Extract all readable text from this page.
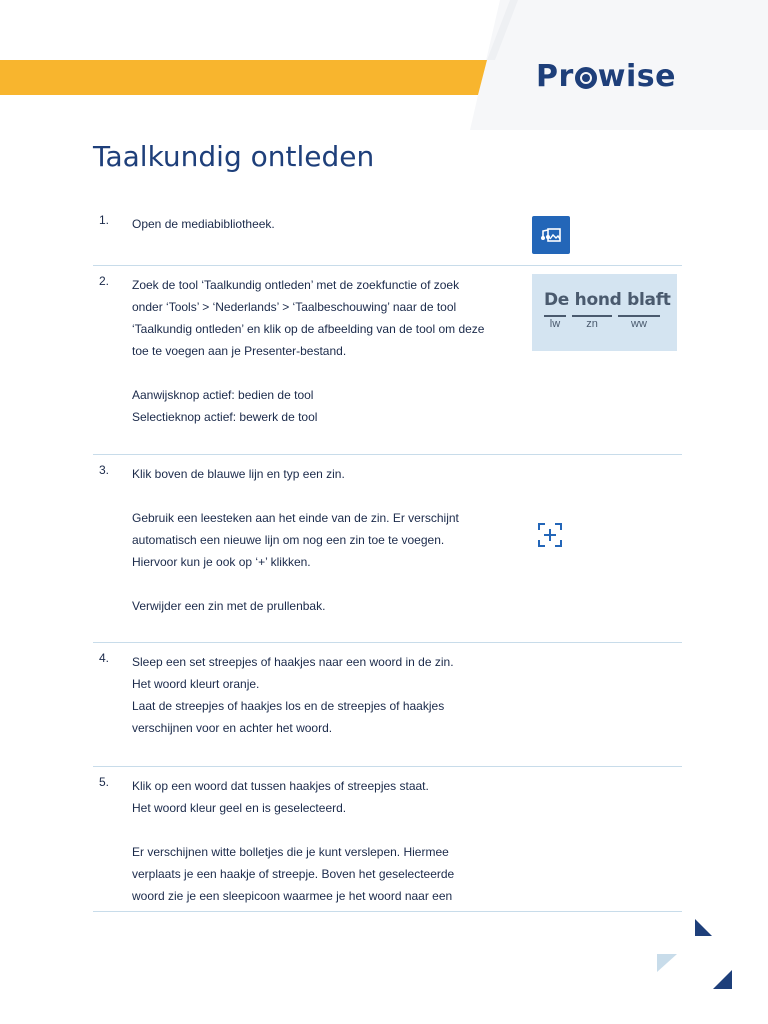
Pr wise
Taalkundig ontleden
1. Open de mediabibliotheek.

2. Zoek de tool ‘Taalkundig ontleden’ met de zoekfunctie of zoek

onder ‘Tools’ > ‘Nederlands’ > ‘Taalbeschouwing’ naar de tool

‘Taalkundig ontleden’ en klik op de afbeelding van de tool om deze

toe te voegen aan je Presenter-bestand.

Aanwijsknop actief: bedien de tool

Selectieknop actief: bewerk de tool

De hond blaft
lw	zn	ww
3. Klik boven de blauwe lijn en typ een zin.

Gebruik een leesteken aan het einde van de zin. Er verschijnt

automatisch een nieuwe lijn om nog een zin toe te voegen.

Hiervoor kun je ook op ‘+’ klikken.

Verwijder een zin met de prullenbak.

4. Sleep een set streepjes of haakjes naar een woord in de zin.

Het woord kleurt oranje.

Laat de streepjes of haakjes los en de streepjes of haakjes

verschijnen voor en achter het woord.

5. Klik op een woord dat tussen haakjes of streepjes staat.

Het woord kleur geel en is geselecteerd.

Er verschijnen witte bolletjes die je kunt verslepen. Hiermee

verplaats je een haakje of streepje. Boven het geselecteerde

woord zie je een sleepicoon waarmee je het woord naar een
